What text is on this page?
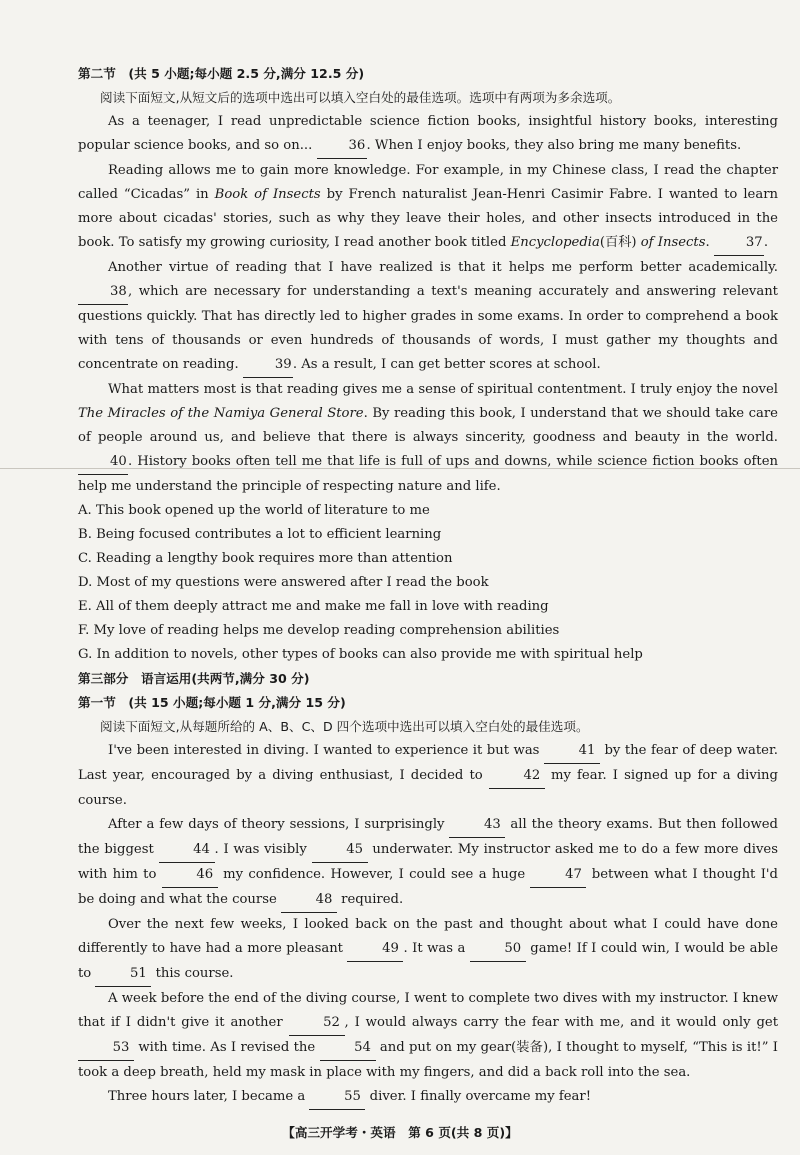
第二节　(共 5 小题;每小题 2.5 分,满分 12.5 分)

阅读下面短文,从短文后的选项中选出可以填入空白处的最佳选项。选项中有两项为多余选项。

As a teenager, I read unpredictable science fiction books, insightful history books, interesting popular science books, and so on... 36. When I enjoy books, they also bring me many benefits.

Reading allows me to gain more knowledge. For example, in my Chinese class, I read the chapter called “Cicadas” in Book of Insects by French naturalist Jean-Henri Casimir Fabre. I wanted to learn more about cicadas' stories, such as why they leave their holes, and other insects introduced in the book. To satisfy my growing curiosity, I read another book titled Encyclopedia(百科) of Insects. 37.

Another virtue of reading that I have realized is that it helps me perform better academically. 38, which are necessary for understanding a text's meaning accurately and answering relevant questions quickly. That has directly led to higher grades in some exams. In order to comprehend a book with tens of thousands or even hundreds of thousands of words, I must gather my thoughts and concentrate on reading. 39. As a result, I can get better scores at school.

What matters most is that reading gives me a sense of spiritual contentment. I truly enjoy the novel The Miracles of the Namiya General Store. By reading this book, I understand that we should take care of people around us, and believe that there is always sincerity, goodness and beauty in the world. 40. History books often tell me that life is full of ups and downs, while science fiction books often help me understand the principle of respecting nature and life.

A. This book opened up the world of literature to me

B. Being focused contributes a lot to efficient learning

C. Reading a lengthy book requires more than attention

D. Most of my questions were answered after I read the book

E. All of them deeply attract me and make me fall in love with reading

F. My love of reading helps me develop reading comprehension abilities

G. In addition to novels, other types of books can also provide me with spiritual help

第三部分　语言运用(共两节,满分 30 分)

第一节　(共 15 小题;每小题 1 分,满分 15 分)

阅读下面短文,从每题所给的 A、B、C、D 四个选项中选出可以填入空白处的最佳选项。

I've been interested in diving. I wanted to experience it but was	41 by the fear of deep water. Last year, encouraged by a diving enthusiast, I decided to	42 my fear. I signed up for a diving course.

After a few days of theory sessions, I surprisingly	43 all the theory exams. But then followed the biggest	44 . I was visibly	45 underwater. My instructor asked me to do a few more dives with him to	46 my confidence. However, I could see a huge	47 between what I thought I'd be doing and what the course	48 required.

Over the next few weeks, I looked back on the past and thought about what I could have done differently to have had a more pleasant	49 . It was a	50 game! If I could win, I would be able to	51 this course.

A week before the end of the diving course, I went to complete two dives with my instructor. I knew that if I didn't give it another	52 , I would always carry the fear with me, and it would only get 53 with time. As I revised the	54 and put on my gear(装备), I thought to myself, “This is it!” I took a deep breath, held my mask in place with my fingers, and did a back roll into the sea.

Three hours later, I became a	55 diver. I finally overcame my fear!

【高三开学考・英语　第 6 页(共 8 页)】
